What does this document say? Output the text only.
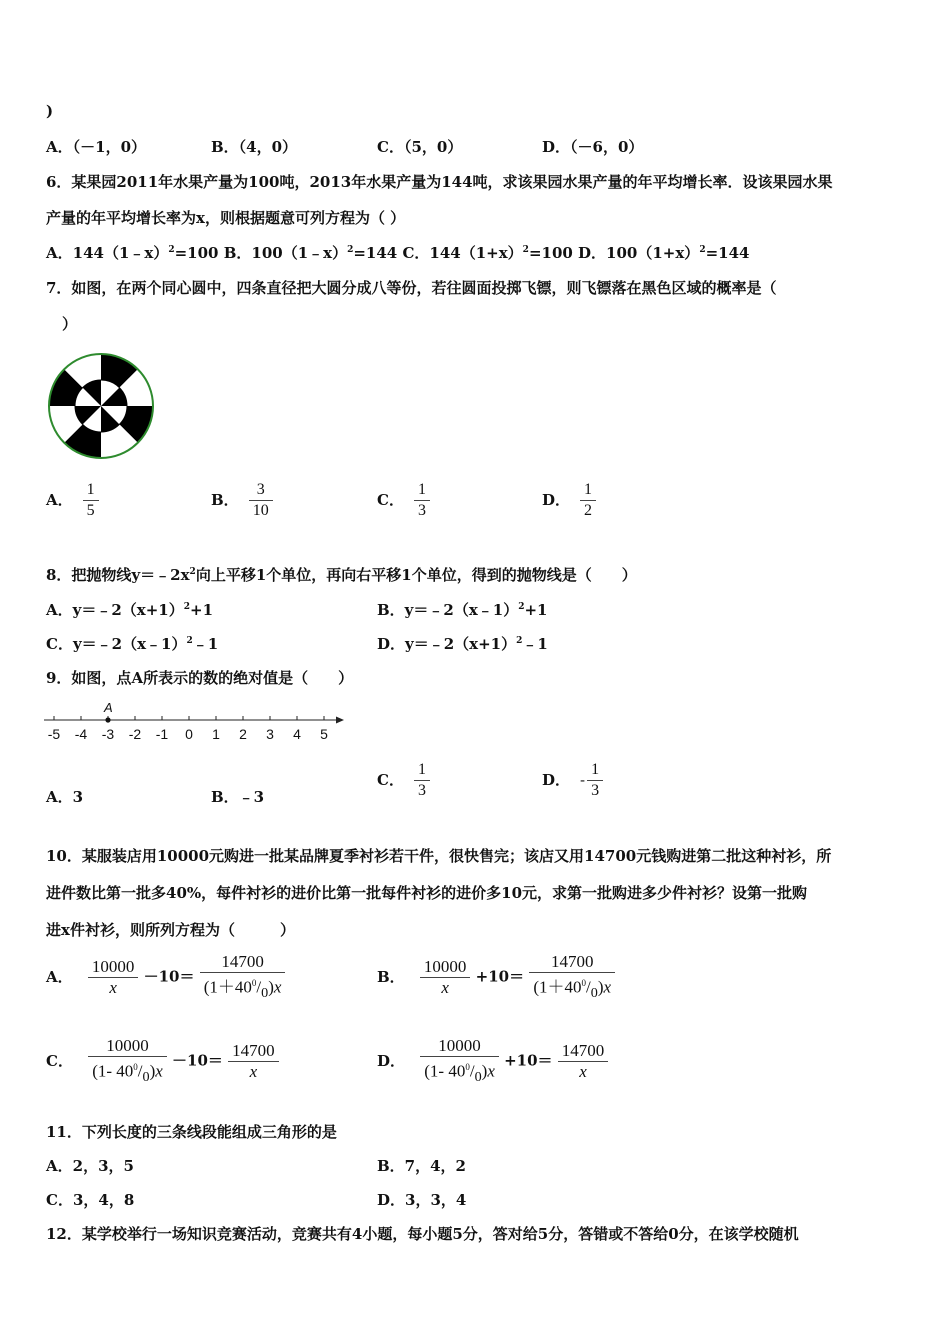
)
A．（－1，0）	B．（4，0）	C．（5，0）	D．（－6，0）
6．某果园2011年水果产量为100吨，2013年水果产量为144吨，求该果园水果产量的年平均增长率．设该果园水果
产量的年平均增长率为x，则根据题意可列方程为（ ）
A．144（1﹣x）$^2$=100 B．100（1﹣x）$^2$=144 C．$144(1+x)^2=100$ D．$100(1+x)^2=144$
7．如图，在两个同心圆中，四条直径把大圆分成八等份，若往圆面投掷飞镖，则飞镖落在黑色区域的概率是（
）
A． $\frac{1}{5}$	B． $\frac{3}{10}$	C． $\frac{1}{3}$	D． $\frac{1}{2}$
8．把抛物线$y=﹣2x^2$向上平移1个单位，再向右平移1个单位，得到的抛物线是（　　）
A．$y=﹣2(x+1)^2+1$	B．y＝﹣2（x﹣1）$^2$+1
C．y＝﹣2（x﹣1）$^2$﹣1	D．$y=﹣2(x+1)^2﹣1$
9．如图，点A所表示的数的绝对值是（　　）
-5 -4 -3 -2 -1 0 1 2 3 4 5
A
A．3	B．﹣3
C． $\frac{1}{3}$	D． - $\frac{1}{3}$
10．某服装店用10000元购进一批某品牌夏季衬衫若干件，很快售完；该店又用14700元钱购进第二批这种衬衫，所
进件数比第一批多40%，每件衬衫的进价比第一批每件衬衫的进价多10元，求第一批购进多少件衬衫？设第一批购
进x件衬衫，则所列方程为（　　　）
A． $\frac{10000}{x} -10= \frac{14700}{(1+40^0/_0)x}$	B． $\frac{10000}{x} +10= \frac{14700}{(1+40^0/_0)x}$
C． $\frac{10000}{(1- 40^0/_0)x} -10= \frac{14700}{x}$	D． $\frac{10000}{(1- 40^0/_0)x} +10= \frac{14700}{x}$
11．下列长度的三条线段能组成三角形的是
A．2，3，5	B．7，4，2
C．3，4，8	D．3，3，4
12．某学校举行一场知识竞赛活动，竞赛共有4小题，每小题5分，答对给5分，答错或不答给0分，在该学校随机
